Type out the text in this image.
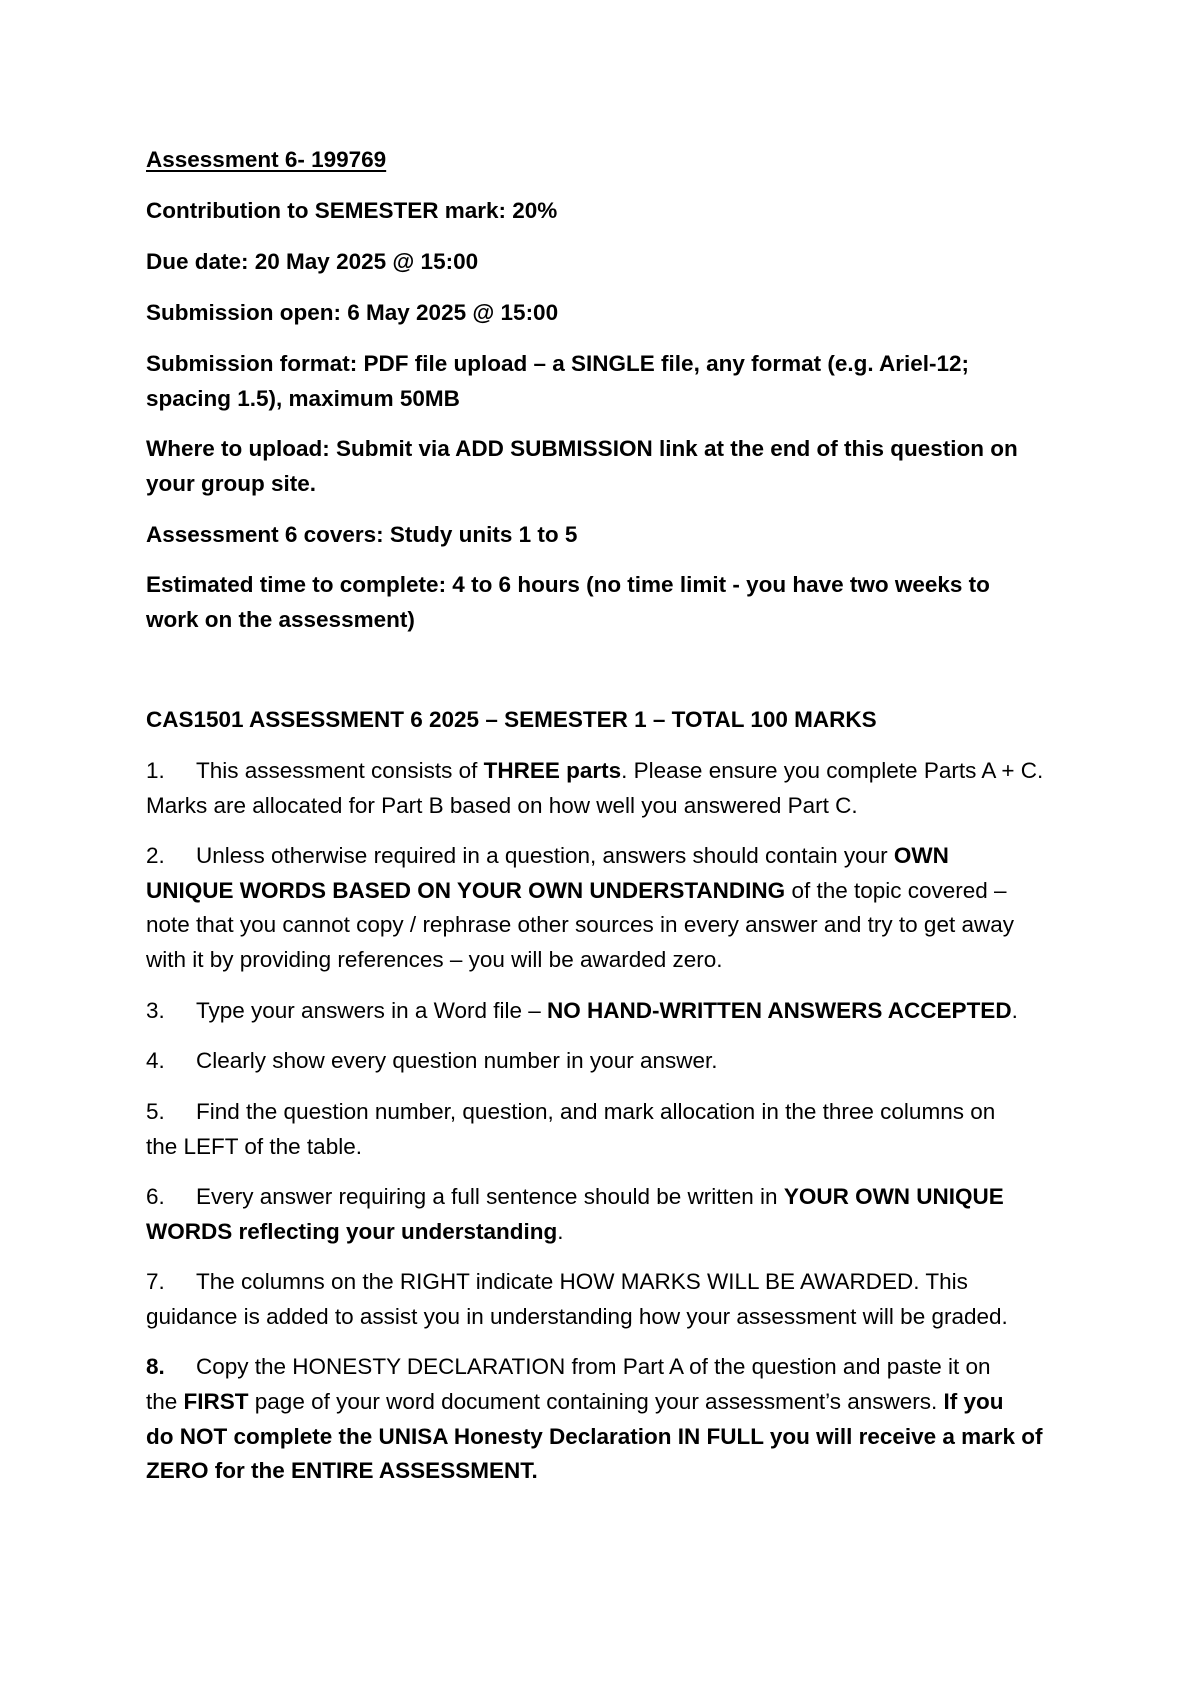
Assessment 6- 199769
Contribution to SEMESTER mark: 20%
Due date: 20 May 2025 @ 15:00
Submission open: 6 May 2025 @ 15:00
Submission format: PDF file upload – a SINGLE file, any format (e.g. Ariel-12;
spacing 1.5), maximum 50MB
Where to upload: Submit via ADD SUBMISSION link at the end of this question on
your group site.
Assessment 6 covers: Study units 1 to 5
Estimated time to complete: 4 to 6 hours (no time limit - you have two weeks to
work on the assessment)
CAS1501 ASSESSMENT 6 2025 – SEMESTER 1 – TOTAL 100 MARKS
1. This assessment consists of THREE parts. Please ensure you complete Parts A + C.
Marks are allocated for Part B based on how well you answered Part C.
2. Unless otherwise required in a question, answers should contain your OWN
UNIQUE WORDS BASED ON YOUR OWN UNDERSTANDING of the topic covered –
note that you cannot copy / rephrase other sources in every answer and try to get away
with it by providing references – you will be awarded zero.
3. Type your answers in a Word file – NO HAND-WRITTEN ANSWERS ACCEPTED.
4. Clearly show every question number in your answer.
5. Find the question number, question, and mark allocation in the three columns on
the LEFT of the table.
6. Every answer requiring a full sentence should be written in YOUR OWN UNIQUE
WORDS reflecting your understanding.
7. The columns on the RIGHT indicate HOW MARKS WILL BE AWARDED. This
guidance is added to assist you in understanding how your assessment will be graded.
8. Copy the HONESTY DECLARATION from Part A of the question and paste it on
the FIRST page of your word document containing your assessment’s answers. If you
do NOT complete the UNISA Honesty Declaration IN FULL you will receive a mark of
ZERO for the ENTIRE ASSESSMENT.
